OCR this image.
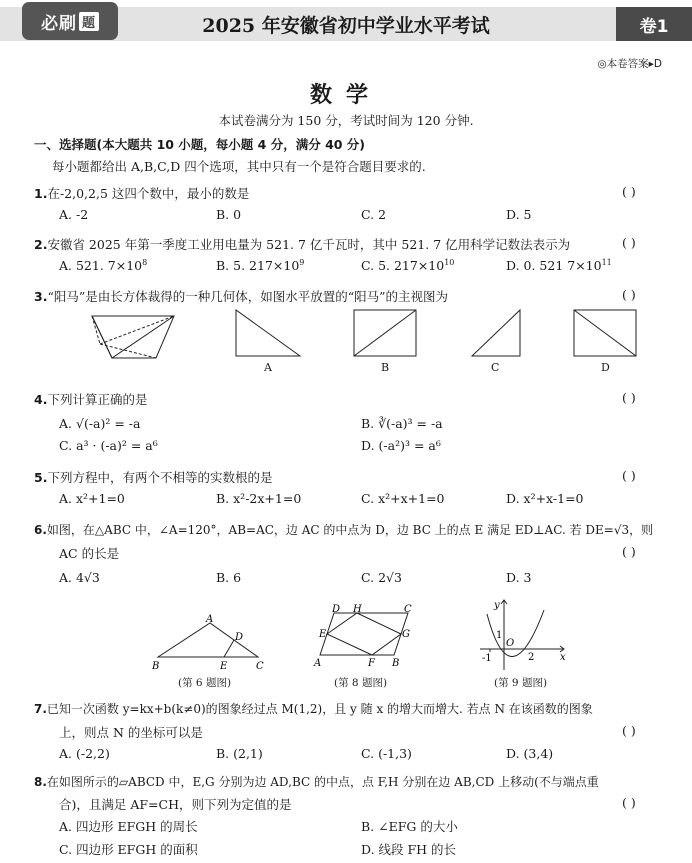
必刷 题	2025 年安徽省初中学业水平考试	卷1
◎本卷答案▸D
数学
本试卷满分为 150 分，考试时间为 120 分钟.
一、选择题(本大题共 10 小题，每小题 4 分，满分 40 分)
每小题都给出 A,B,C,D 四个选项，其中只有一个是符合题目要求的.
1.在-2,0,2,5 这四个数中，最小的数是	( )
A. -2	B. 0	C. 2	D. 5
2.安徽省 2025 年第一季度工业用电量为 521. 7 亿千瓦时，其中 521. 7 亿用科学记数法表示为	( )
A. 521. $7\times 10^8$	B. 5. $217\times 10^9$	C. 5. $217\times 10^{10}$	D. 0. 521 $7\times 10^{11}$
3.“阳马”是由长方体裁得的一种几何体，如图水平放置的“阳马”的主视图为	( )
A	B	C	D
4.下列计算正确的是	( )
A. √(-a)² = -a	B. ∛(-a)³ = -a
C. a³ · (-a)² = a⁶	D. (-a²)³ = a⁶
5.下列方程中，有两个不相等的实数根的是	( )
A. x²+1=0	B. x²-2x+1=0	C. x²+x+1=0	D. x²+x-1=0
6.如图，在△ABC 中，∠A=120°，AB=AC，边 AC 的中点为 D，边 BC 上的点 E 满足 ED⊥AC. 若 DE=√3，则
AC 的长是	( )
A. 4√3	B. 6	C. 2√3	D. 3
A
B	C
D
E
(第 6 题图)
A	B
C
D
E
F
G
H
(第 8 题图)
y
x
1
O
-1	2
(第 9 题图)
7.已知一次函数 y=kx+b(k≠0)的图象经过点 M(1,2)，且 y 随 x 的增大而增大. 若点 N 在该函数的图象
上，则点 N 的坐标可以是	( )
A. (-2,2)	B. (2,1)	C. (-1,3)	D. (3,4)
8.在如图所示的▱ABCD 中，E,G 分别为边 AD,BC 的中点，点 F,H 分别在边 AB,CD 上移动(不与端点重
合)，且满足 AF=CH，则下列为定值的是	( )
A. 四边形 EFGH 的周长	B. ∠EFG 的大小
C. 四边形 EFGH 的面积	D. 线段 FH 的长
